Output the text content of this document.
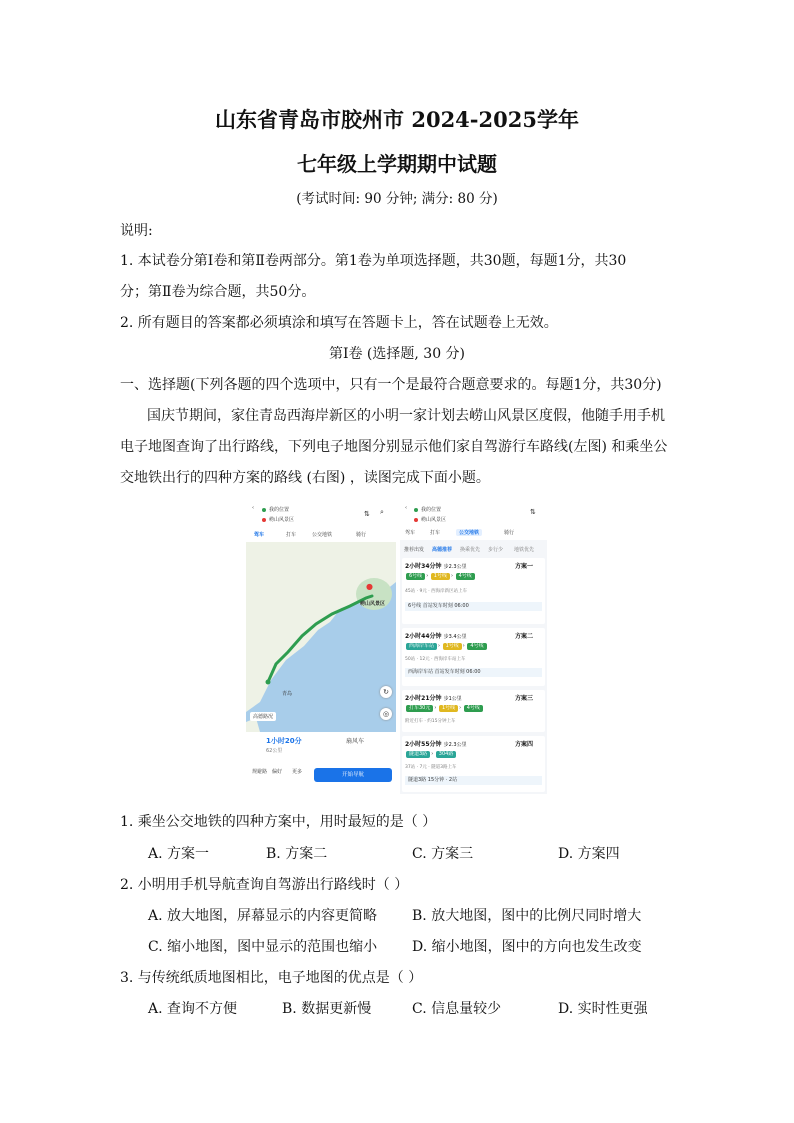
山东省青岛市胶州市 2024-2025学年
七年级上学期期中试题
(考试时间: 90 分钟; 满分: 80 分)
说明:
1. 本试卷分第Ⅰ卷和第Ⅱ卷两部分。第1卷为单项选择题，共30题，每题1分，共30
分；第Ⅱ卷为综合题，共50分。
2. 所有题目的答案都必须填涂和填写在答题卡上，答在试题卷上无效。
第Ⅰ卷 (选择题, 30 分)
一、选择题(下列各题的四个选项中，只有一个是最符合题意要求的。每题1分，共30分)
国庆节期间，家住青岛西海岸新区的小明一家计划去崂山风景区度假，他随手用手机
电子地图查询了出行路线，下列电子地图分别显示他们家自驾游行车路线(左图) 和乘坐公
交地铁出行的四种方案的路线 (右图) ，读图完成下面小题。
‹	我的位置
崂山风景区
⇅ ⌕
驾车	打车	公交地铁	骑行
崂山风景区
青岛
●
↻
◎
高德路况
1小时20分
62公里
扇风车
规避路 偏好 更多	开始导航
‹	我的位置
崂山风景区
⇅
驾车	打车	公交地铁	骑行
推荐出发 高德推荐 换乘优先 步行少 地铁优先
2小时34分钟 步2.3公里	方案一
6号线 › 1号线 › 4号线
45站 · 9元 · 西海岸新区站上车
6号线 首站发车时刻 06:00
2小时44分钟 步3.4公里	方案二
西海岸车站 › 1号线 › 4号线
50站 · 12元 · 西海岸车站上车
西海岸车站 首站发车时刻 06:00
2小时21分钟 步1公里	方案三
打车30元 › 1号线 › 4号线
附近打车 · 约15分钟上车
2小时55分钟 步2.3公里	方案四
隧道3路 › 304路
37站 · 7元 · 隧道3路上车
隧道3路 15分钟 · 2站
1. 乘坐公交地铁的四种方案中，用时最短的是（ ）
A. 方案一	B. 方案二	C. 方案三	D. 方案四
2. 小明用手机导航查询自驾游出行路线时（ ）
A. 放大地图，屏幕显示的内容更简略 B. 放大地图，图中的比例尺同时增大
C. 缩小地图，图中显示的范围也缩小 D. 缩小地图，图中的方向也发生改变
3. 与传统纸质地图相比，电子地图的优点是（ ）
A. 查询不方便	B. 数据更新慢	C. 信息量较少	D. 实时性更强
